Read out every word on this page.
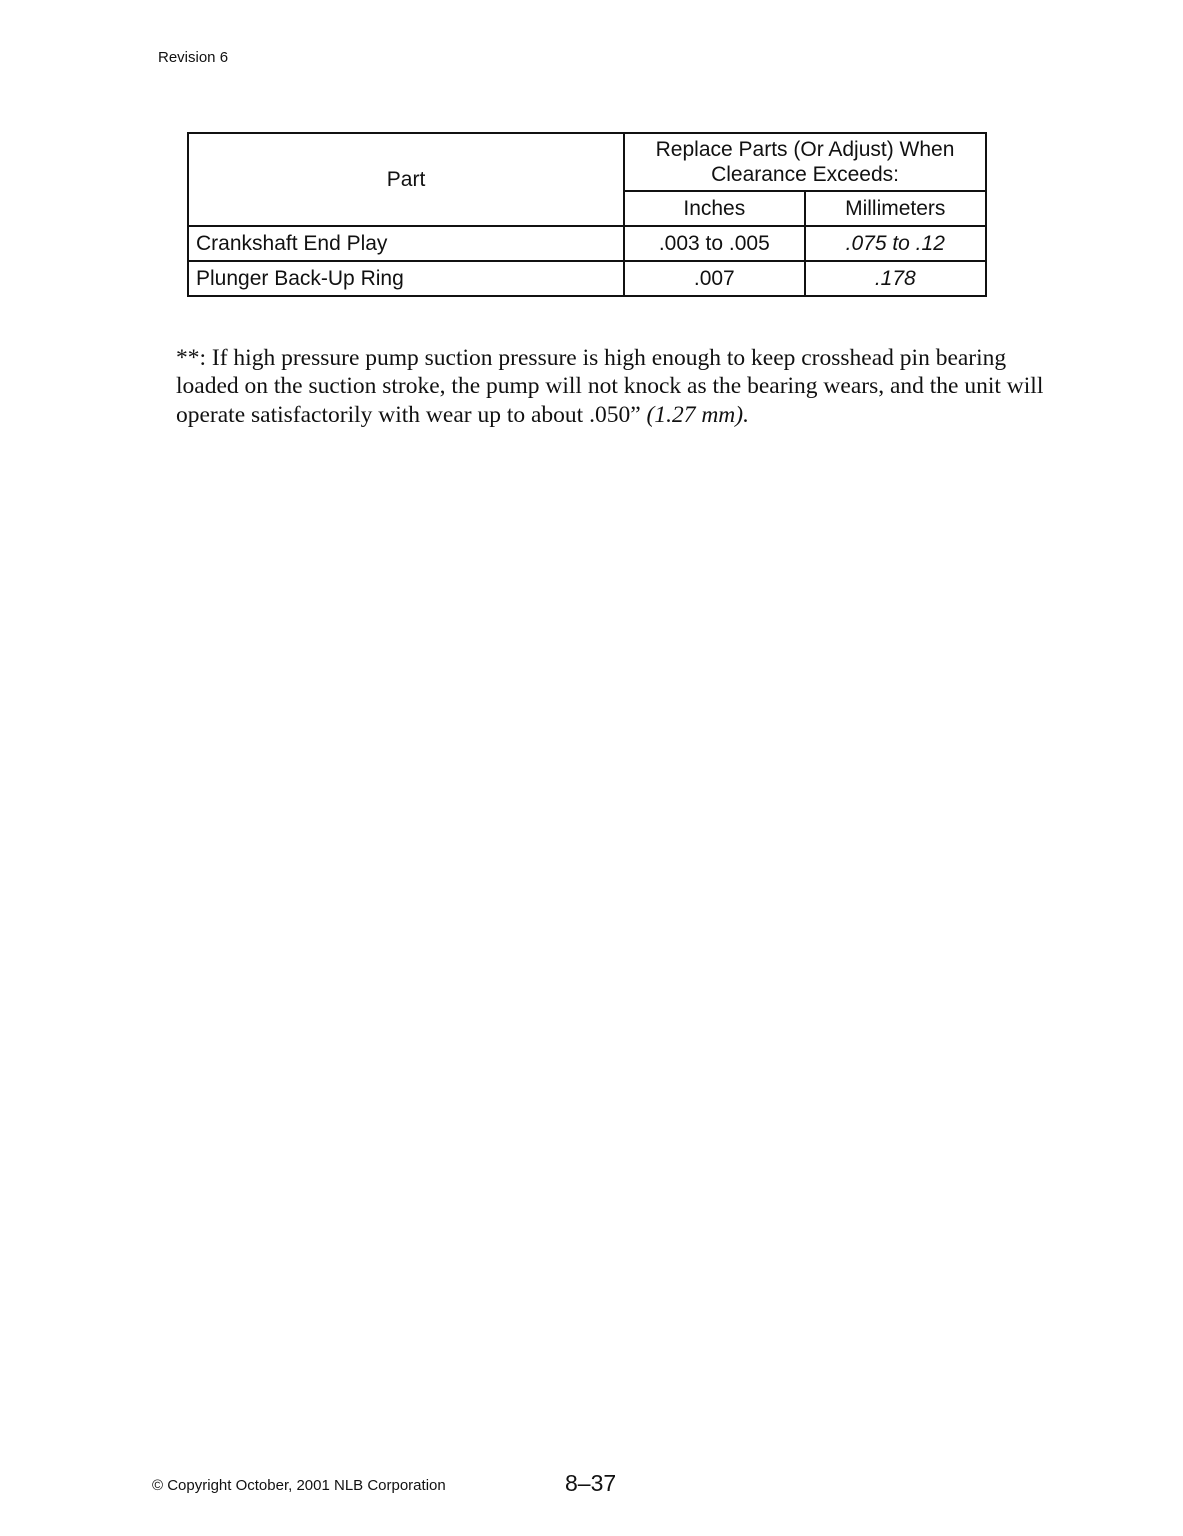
Revision 6
Part	Replace Parts (Or Adjust) When Clearance Exceeds:	
	Inches	Millimeters
Crankshaft End Play	.003 to .005	.075 to .12
Plunger Back-Up Ring	.007	.178

**: If high pressure pump suction pressure is high enough to keep crosshead pin bearing loaded on the suction stroke, the pump will not knock as the bearing wears, and the unit will operate satisfactorily with wear up to about .050” (1.27 mm).

© Copyright October, 2001 NLB Corporation	8–37
